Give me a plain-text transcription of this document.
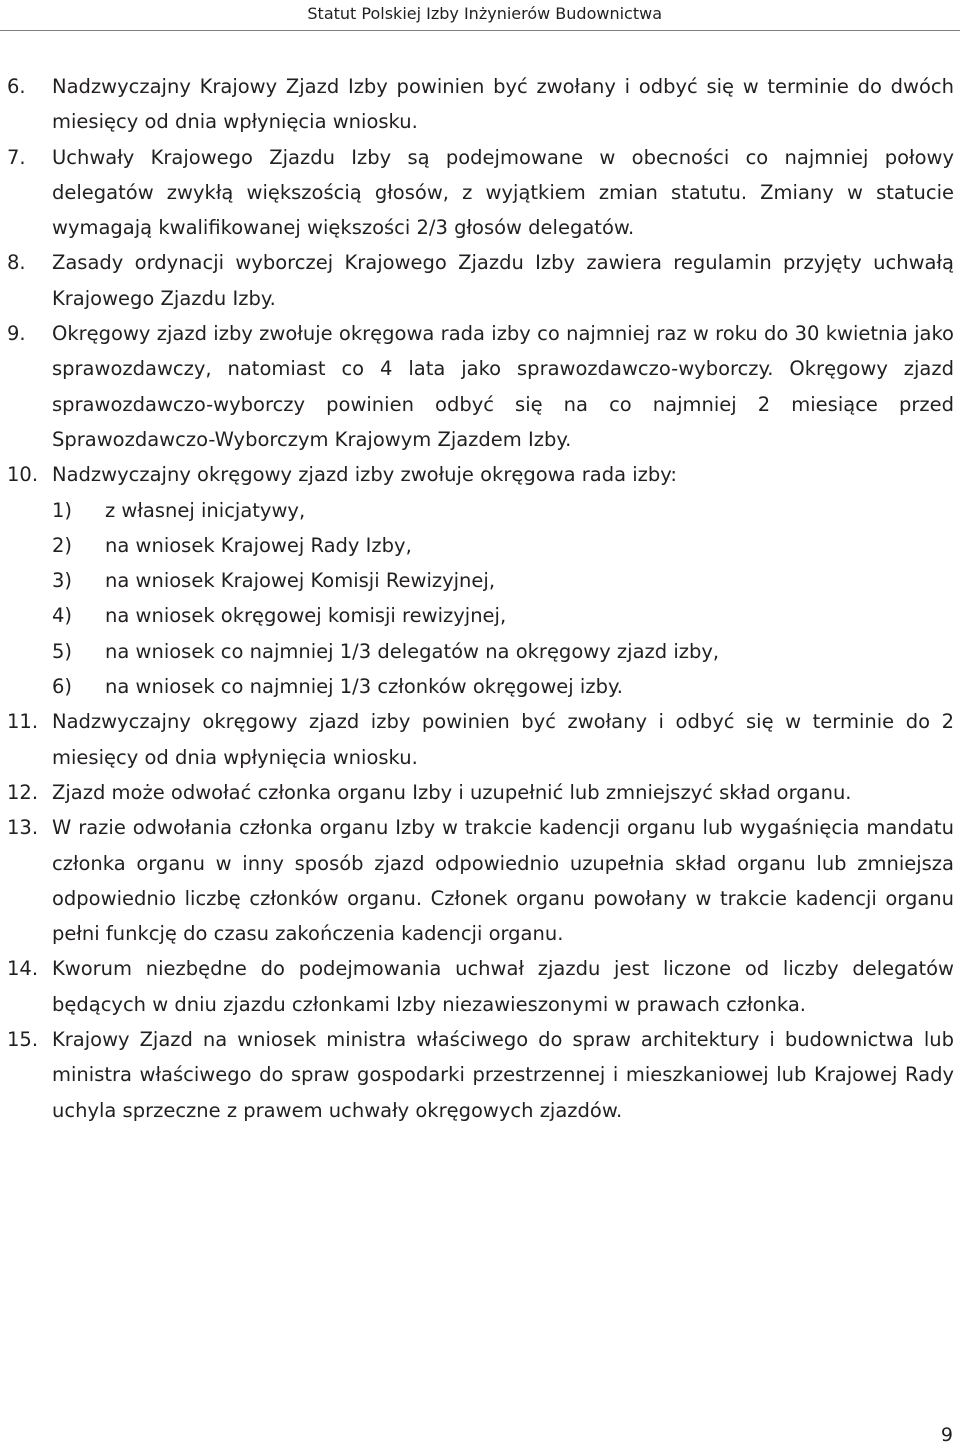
Statut Polskiej Izby Inżynierów Budownictwa
6. Nadzwyczajny Krajowy Zjazd Izby powinien być zwołany i odbyć się w terminie do dwóch miesięcy od dnia wpłynięcia wniosku.
7. Uchwały Krajowego Zjazdu Izby są podejmowane w obecności co najmniej połowy delegatów zwykłą większością głosów, z wyjątkiem zmian statutu. Zmiany w statucie wymagają kwalifikowanej większości 2/3 głosów delegatów.
8. Zasady ordynacji wyborczej Krajowego Zjazdu Izby zawiera regulamin przyjęty uchwałą Krajowego Zjazdu Izby.
9. Okręgowy zjazd izby zwołuje okręgowa rada izby co najmniej raz w roku do 30 kwietnia jako sprawozdawczy, natomiast co 4 lata jako sprawozdawczo-wyborczy. Okręgowy zjazd sprawozdawczo-wyborczy powinien odbyć się na co najmniej 2 miesiące przed Sprawozdawczo-Wyborczym Krajowym Zjazdem Izby.
10. Nadzwyczajny okręgowy zjazd izby zwołuje okręgowa rada izby:
1) z własnej inicjatywy,
2) na wniosek Krajowej Rady Izby,
3) na wniosek Krajowej Komisji Rewizyjnej,
4) na wniosek okręgowej komisji rewizyjnej,
5) na wniosek co najmniej 1/3 delegatów na okręgowy zjazd izby,
6) na wniosek co najmniej 1/3 członków okręgowej izby.
11. Nadzwyczajny okręgowy zjazd izby powinien być zwołany i odbyć się w terminie do 2 miesięcy od dnia wpłynięcia wniosku.
12. Zjazd może odwołać członka organu Izby i uzupełnić lub zmniejszyć skład organu.
13. W razie odwołania członka organu Izby w trakcie kadencji organu lub wygaśnięcia mandatu członka organu w inny sposób zjazd odpowiednio uzupełnia skład organu lub zmniejsza odpowiednio liczbę członków organu. Członek organu powołany w trakcie kadencji organu pełni funkcję do czasu zakończenia kadencji organu.
14. Kworum niezbędne do podejmowania uchwał zjazdu jest liczone od liczby delegatów będących w dniu zjazdu członkami Izby niezawieszonymi w prawach członka.
15. Krajowy Zjazd na wniosek ministra właściwego do spraw architektury i budownictwa lub ministra właściwego do spraw gospodarki przestrzennej i mieszkaniowej lub Krajowej Rady uchyla sprzeczne z prawem uchwały okręgowych zjazdów.
9
